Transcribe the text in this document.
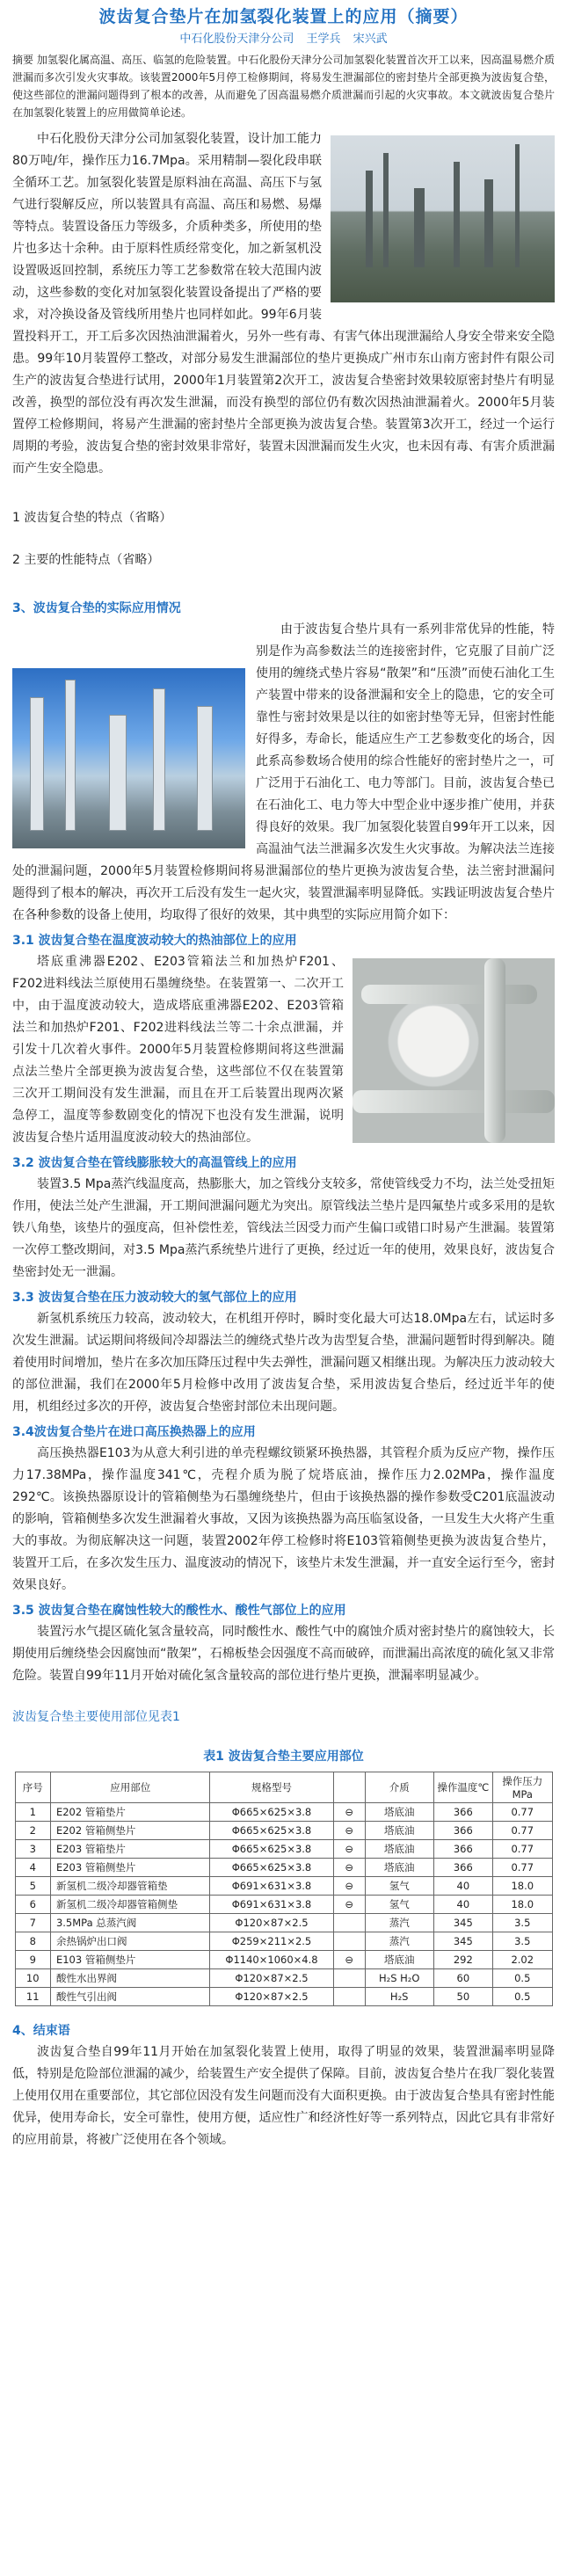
波齿复合垫片在加氢裂化装置上的应用（摘要）
中石化股份天津分公司 王学兵 宋兴武

摘要 加氢裂化属高温、高压、临氢的危险装置。中石化股份天津分公司加氢裂化装置首次开工以来，因高温易燃介质泄漏而多次引发火灾事故。该装置2000年5月停工检修期间，将易发生泄漏部位的密封垫片全部更换为波齿复合垫，使这些部位的泄漏问题得到了根本的改善，从而避免了因高温易燃介质泄漏而引起的火灾事故。本文就波齿复合垫片在加氢裂化装置上的应用做简单论述。

中石化股份天津分公司加氢裂化装置，设计加工能力80万吨/年，操作压力16.7Mpa。采用精制—裂化段串联全循环工艺。加氢裂化装置是原料油在高温、高压下与氢气进行裂解反应，所以装置具有高温、高压和易燃、易爆等特点。装置设备压力等级多，介质种类多，所使用的垫片也多达十余种。由于原料性质经常变化，加之新氢机没设置吸返回控制，系统压力等工艺参数常在较大范围内波动，这些参数的变化对加氢裂化装置设备提出了严格的要求，对冷换设备及管线所用垫片也同样如此。99年6月装置投料开工，开工后多次因热油泄漏着火，另外一些有毒、有害气体出现泄漏给人身安全带来安全隐患。99年10月装置停工整改，对部分易发生泄漏部位的垫片更换成广州市东山南方密封件有限公司生产的波齿复合垫进行试用，2000年1月装置第2次开工，波齿复合垫密封效果较原密封垫片有明显改善，换型的部位没有再次发生泄漏，而没有换型的部位仍有数次因热油泄漏着火。2000年5月装置停工检修期间，将易产生泄漏的密封垫片全部更换为波齿复合垫。装置第3次开工，经过一个运行周期的考验，波齿复合垫的密封效果非常好，装置未因泄漏而发生火灾，也未因有毒、有害介质泄漏而产生安全隐患。

1 波齿复合垫的特点（省略）
2 主要的性能特点（省略）
3、波齿复合垫的实际应用情况

由于波齿复合垫片具有一系列非常优异的性能，特别是作为高参数法兰的连接密封件，它克服了目前广泛使用的缠绕式垫片容易“散架”和“压溃”而使石油化工生产装置中带来的设备泄漏和安全上的隐患，它的安全可靠性与密封效果是以往的如密封垫等无异，但密封性能好得多，寿命长，能适应生产工艺参数变化的场合，因此系高参数场合使用的综合性能好的密封垫片之一，可广泛用于石油化工、电力等部门。目前，波齿复合垫已在石油化工、电力等大中型企业中逐步推广使用，并获得良好的效果。我厂加氢裂化装置自99年开工以来，因高温油气法兰泄漏多次发生火灾事故。为解决法兰连接处的泄漏问题，2000年5月装置检修期间将易泄漏部位的垫片更换为波齿复合垫，法兰密封泄漏问题得到了根本的解决，再次开工后没有发生一起火灾，装置泄漏率明显降低。实践证明波齿复合垫片在各种参数的设备上使用，均取得了很好的效果，其中典型的实际应用简介如下：

3.1 波齿复合垫在温度波动较大的热油部位上的应用

塔底重沸器E202、E203管箱法兰和加热炉F201、F202进料线法兰原使用石墨缠绕垫。在装置第一、二次开工中，由于温度波动较大，造成塔底重沸器E202、E203管箱法兰和加热炉F201、F202进料线法兰等二十余点泄漏，并引发十几次着火事件。2000年5月装置检修期间将这些泄漏点法兰垫片全部更换为波齿复合垫，这些部位不仅在装置第三次开工期间没有发生泄漏，而且在开工后装置出现两次紧急停工，温度等参数剧变化的情况下也没有发生泄漏，说明波齿复合垫片适用温度波动较大的热油部位。

3.2 波齿复合垫在管线膨胀较大的高温管线上的应用

装置3.5 Mpa蒸汽线温度高，热膨胀大，加之管线分支较多，常使管线受力不均，法兰处受扭矩作用，使法兰处产生泄漏，开工期间泄漏问题尤为突出。原管线法兰垫片是四氟垫片或多采用的是软铁八角垫，该垫片的强度高，但补偿性差，管线法兰因受力而产生偏口或错口时易产生泄漏。装置第一次停工整改期间，对3.5 Mpa蒸汽系统垫片进行了更换，经过近一年的使用，效果良好，波齿复合垫密封处无一泄漏。

3.3 波齿复合垫在压力波动较大的氢气部位上的应用

新氢机系统压力较高，波动较大，在机组开停时，瞬时变化最大可达18.0Mpa左右，试运时多次发生泄漏。试运期间将级间冷却器法兰的缠绕式垫片改为齿型复合垫，泄漏问题暂时得到解决。随着使用时间增加，垫片在多次加压降压过程中失去弹性，泄漏问题又相继出现。为解决压力波动较大的部位泄漏，我们在2000年5月检修中改用了波齿复合垫，采用波齿复合垫后，经过近半年的使用，机组经过多次的开停，波齿复合垫密封部位未出现问题。

3.4波齿复合垫片在进口高压换热器上的应用

高压换热器E103为从意大利引进的单壳程螺纹锁紧环换热器，其管程介质为反应产物，操作压力17.38MPa，操作温度341℃，壳程介质为脱了烷塔底油，操作压力2.02MPa，操作温度292℃。该换热器原设计的管箱侧垫为石墨缠绕垫片，但由于该换热器的操作参数受C201底温波动的影响，管箱侧垫多次发生泄漏着火事故，又因为该换热器为高压临氢设备，一旦发生大火将产生重大的事故。为彻底解决这一问题，装置2002年停工检修时将E103管箱侧垫更换为波齿复合垫片，装置开工后，在多次发生压力、温度波动的情况下，该垫片未发生泄漏，并一直安全运行至今，密封效果良好。

3.5 波齿复合垫在腐蚀性较大的酸性水、酸性气部位上的应用

装置污水气提区硫化氢含量较高，同时酸性水、酸性气中的腐蚀介质对密封垫片的腐蚀较大，长期使用后缠绕垫会因腐蚀而“散架”，石棉板垫会因强度不高而破碎，而泄漏出高浓度的硫化氢又非常危险。装置自99年11月开始对硫化氢含量较高的部位进行垫片更换，泄漏率明显减少。

波齿复合垫主要使用部位见表1
表1 波齿复合垫主要应用部位
序号	应用部位	规格型号		介质	操作温度℃	操作压力MPa
1	E202 管箱垫片	Φ665×625×3.8	⊖	塔底油	366	0.77
2	E202 管箱侧垫片	Φ665×625×3.8	⊖	塔底油	366	0.77
3	E203 管箱垫片	Φ665×625×3.8	⊖	塔底油	366	0.77
4	E203 管箱侧垫片	Φ665×625×3.8	⊖	塔底油	366	0.77
5	新氢机二级冷却器管箱垫	Φ691×631×3.8	⊖	氢气	40	18.0
6	新氢机二级冷却器管箱侧垫	Φ691×631×3.8	⊖	氢气	40	18.0
7	3.5MPa 总蒸汽阀	Φ120×87×2.5		蒸汽	345	3.5
8	余热锅炉出口阀	Φ259×211×2.5		蒸汽	345	3.5
9	E103 管箱侧垫片	Φ1140×1060×4.8	⊖	塔底油	292	2.02
10	酸性水出界阀	Φ120×87×2.5		H₂S H₂O	60	0.5
11	酸性气引出阀	Φ120×87×2.5		H₂S	50	0.5
4、结束语

波齿复合垫自99年11月开始在加氢裂化装置上使用，取得了明显的效果，装置泄漏率明显降低，特别是危险部位泄漏的减少，给装置生产安全提供了保障。目前，波齿复合垫片在我厂裂化装置上使用仅用在重要部位，其它部位因没有发生问题而没有大面积更换。由于波齿复合垫具有密封性能优异，使用寿命长，安全可靠性，使用方便，适应性广和经济性好等一系列特点，因此它具有非常好的应用前景，将被广泛使用在各个领域。
